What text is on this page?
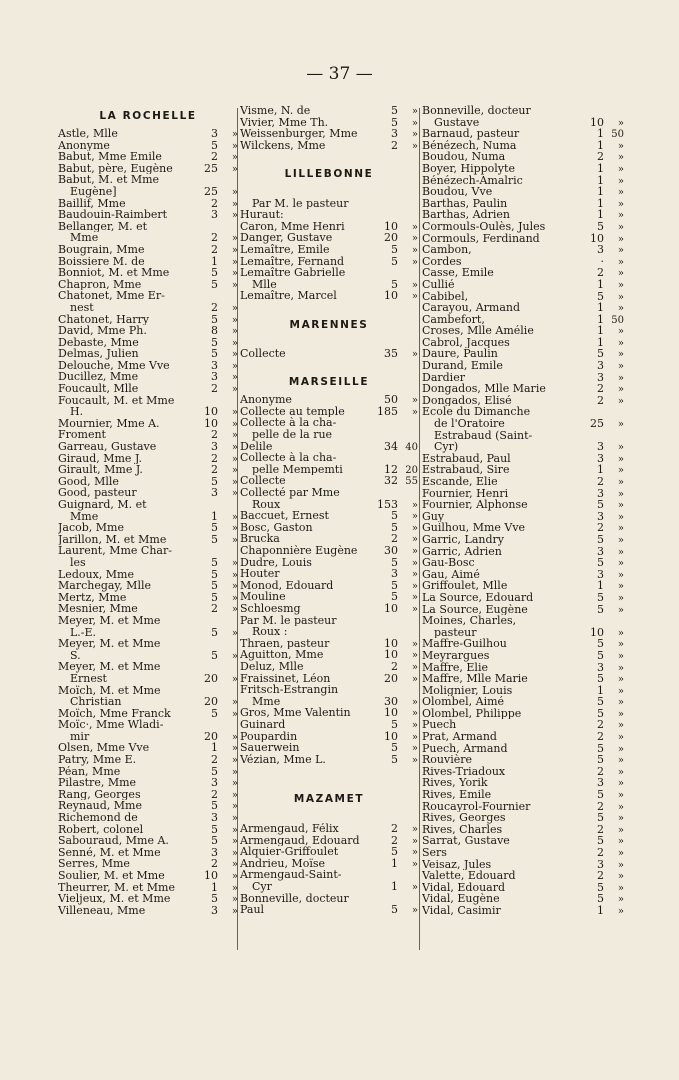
— 37 —
LA ROCHELLE
Astle, Mlle	3	»
Anonyme	5	»
Babut, Mme Emile	2	»
Babut, père, Eugène	25	»
Babut, M. et Mme
Eugène]	25	»
Baillif, Mme	2	»
Baudouin-Raimbert	3	»
Bellanger, M. et
Mme	2	»
Bougrain, Mme	2	»
Boissiere M. de	1	»
Bonniot, M. et Mme	5	»
Chapron, Mme	5	»
Chatonet, Mme Er-
nest	2	»
Chatonet, Harry	5	»
David, Mme Ph.	8	»
Debaste, Mme	5	»
Delmas, Julien	5	»
Delouche, Mme Vve	3	»
Ducillez, Mme	3	»
Foucault, Mlle	2	»
Foucault, M. et Mme
H.	10	»
Mournier, Mme A.	10	»
Froment	2	»
Garreau, Gustave	3	»
Giraud, Mme J.	2	»
Girault, Mme J.	2	»
Good, Mlle	5	»
Good, pasteur	3	»
Guignard, M. et
Mme	1	»
Jacob, Mme	5	»
Jarillon, M. et Mme	5	»
Laurent, Mme Char-
les	5	»
Ledoux, Mme	5	»
Marchegay, Mlle	5	»
Mertz, Mme	5	»
Mesnier, Mme	2	»
Meyer, M. et Mme
L.-E.	5	»
Meyer, M. et Mme
S.	5	»
Meyer, M. et Mme
Ernest	20	»
Moïch, M. et Mme
Christian	20	»
Moïch, Mme Franck	5	»
Moïc·, Mme Wladi-
mir	20	»
Olsen, Mme Vve	1	»
Patry, Mme E.	2	»
Péan, Mme	5	»
Pilastre, Mme	3	»
Rang, Georges	2	»
Reynaud, Mme	5	»
Richemond de	3	»
Robert, colonel	5	»
Sabouraud, Mme A.	5	»
Senné, M. et Mme	3	»
Serres, Mme	2	»
Soulier, M. et Mme	10	»
Theurrer, M. et Mme	1	»
Vieljeux, M. et Mme	5	»
Villeneau, Mme	3	»
Visme, N. de	5	»
Vivier, Mme Th.	5	»
Weissenburger, Mme	3	»
Wilckens, Mme	2	»
LILLEBONNE
Par M. le pasteur
Huraut:
Caron, Mme Henri	10	»
Danger, Gustave	20	»
Lemaître, Emile	5	»
Lemaître, Fernand	5	»
Lemaître Gabrielle
Mlle	5	»
Lemaître, Marcel	10	»
MARENNES
Collecte	35	»
MARSEILLE
Anonyme	50	»
Collecte au temple	185	»
Collecte à la cha-
pelle de la rue
Delile	34 40
Collecte à la cha-
pelle Mempemti	12 20
Collecte	32 55
Collecté par Mme
Roux	153	»
Baccuet, Ernest	5	»
Bosc, Gaston	5	»
Brucka	2	»
Chaponnière Eugène	30	»
Dudre, Louis	5	»
Houter	3	»
Monod, Edouard	5	»
Mouline	5	»
Schloesmg	10	»
Par M. le pasteur
Roux :
Thraen, pasteur	10	»
Aguitton, Mme	10	»
Deluz, Mlle	2	»
Fraissinet, Léon	20	»
Fritsch-Estrangin
Mme	30	»
Gros, Mme Valentin	10	»
Guinard	5	»
Poupardin	10	»
Sauerwein	5	»
Vézian, Mme L.	5	»
MAZAMET
Armengaud, Félix	2	»
Armengaud, Edouard	2	»
Alquier-Griffoulet	5	»
Andrieu, Moïse	1	»
Armengaud-Saint-
Cyr	1	»
Bonneville, docteur
Paul	5	»
Bonneville, docteur
Gustave	10	»
Barnaud, pasteur	1 50
Bénézech, Numa	1	»
Boudou, Numa	2	»
Boyer, Hippolyte	1	»
Bénézech-Amalric	1	»
Boudou, Vve	1	»
Barthas, Paulin	1	»
Barthas, Adrien	1	»
Cormouls-Oulès, Jules	5	»
Cormouls, Ferdinand	10	»
Cambon,	3	»
Cordes	·	»
Casse, Emile	2	»
Cullié	1	»
Cabibel,	5	»
Carayou, Armand	1	»
Cambefort,	1 50
Croses, Mlle Amélie	1	»
Cabrol, Jacques	1	»
Daure, Paulin	5	»
Durand, Emile	3	»
Dardier	3	»
Dongados, Mlle Marie	2	»
Dongados, Elisé	2	»
Ecole du Dimanche
de l'Oratoire	25	»
Estrabaud (Saint-
Cyr)	3	»
Estrabaud, Paul	3	»
Estrabaud, Sire	1	»
Escande, Elie	2	»
Fournier, Henri	3	»
Fournier, Alphonse	5	»
Guy	3	»
Guilhou, Mme Vve	2	»
Garric, Landry	5	»
Garric, Adrien	3	»
Gau-Bosc	5	»
Gau, Aimé	3	»
Griffoulet, Mlle	1	»
La Source, Edouard	5	»
La Source, Eugène	5	»
Moines, Charles,
pasteur	10	»
Maffre-Guilhou	5	»
Meyrargues	5	»
Maffre, Elie	3	»
Maffre, Mlle Marie	5	»
Molignier, Louis	1	»
Olombel, Aimé	5	»
Olombel, Philippe	5	»
Puech	2	»
Prat, Armand	2	»
Puech, Armand	5	»
Rouvière	5	»
Rives-Triadoux	2	»
Rives, Yorik	3	»
Rives, Emile	5	»
Roucayrol-Fournier	2	»
Rives, Georges	5	»
Rives, Charles	2	»
Sarrat, Gustave	5	»
Sers	2	»
Veisaz, Jules	3	»
Valette, Edouard	2	»
Vidal, Edouard	5	»
Vidal, Eugène	5	»
Vidal, Casimir	1	»
